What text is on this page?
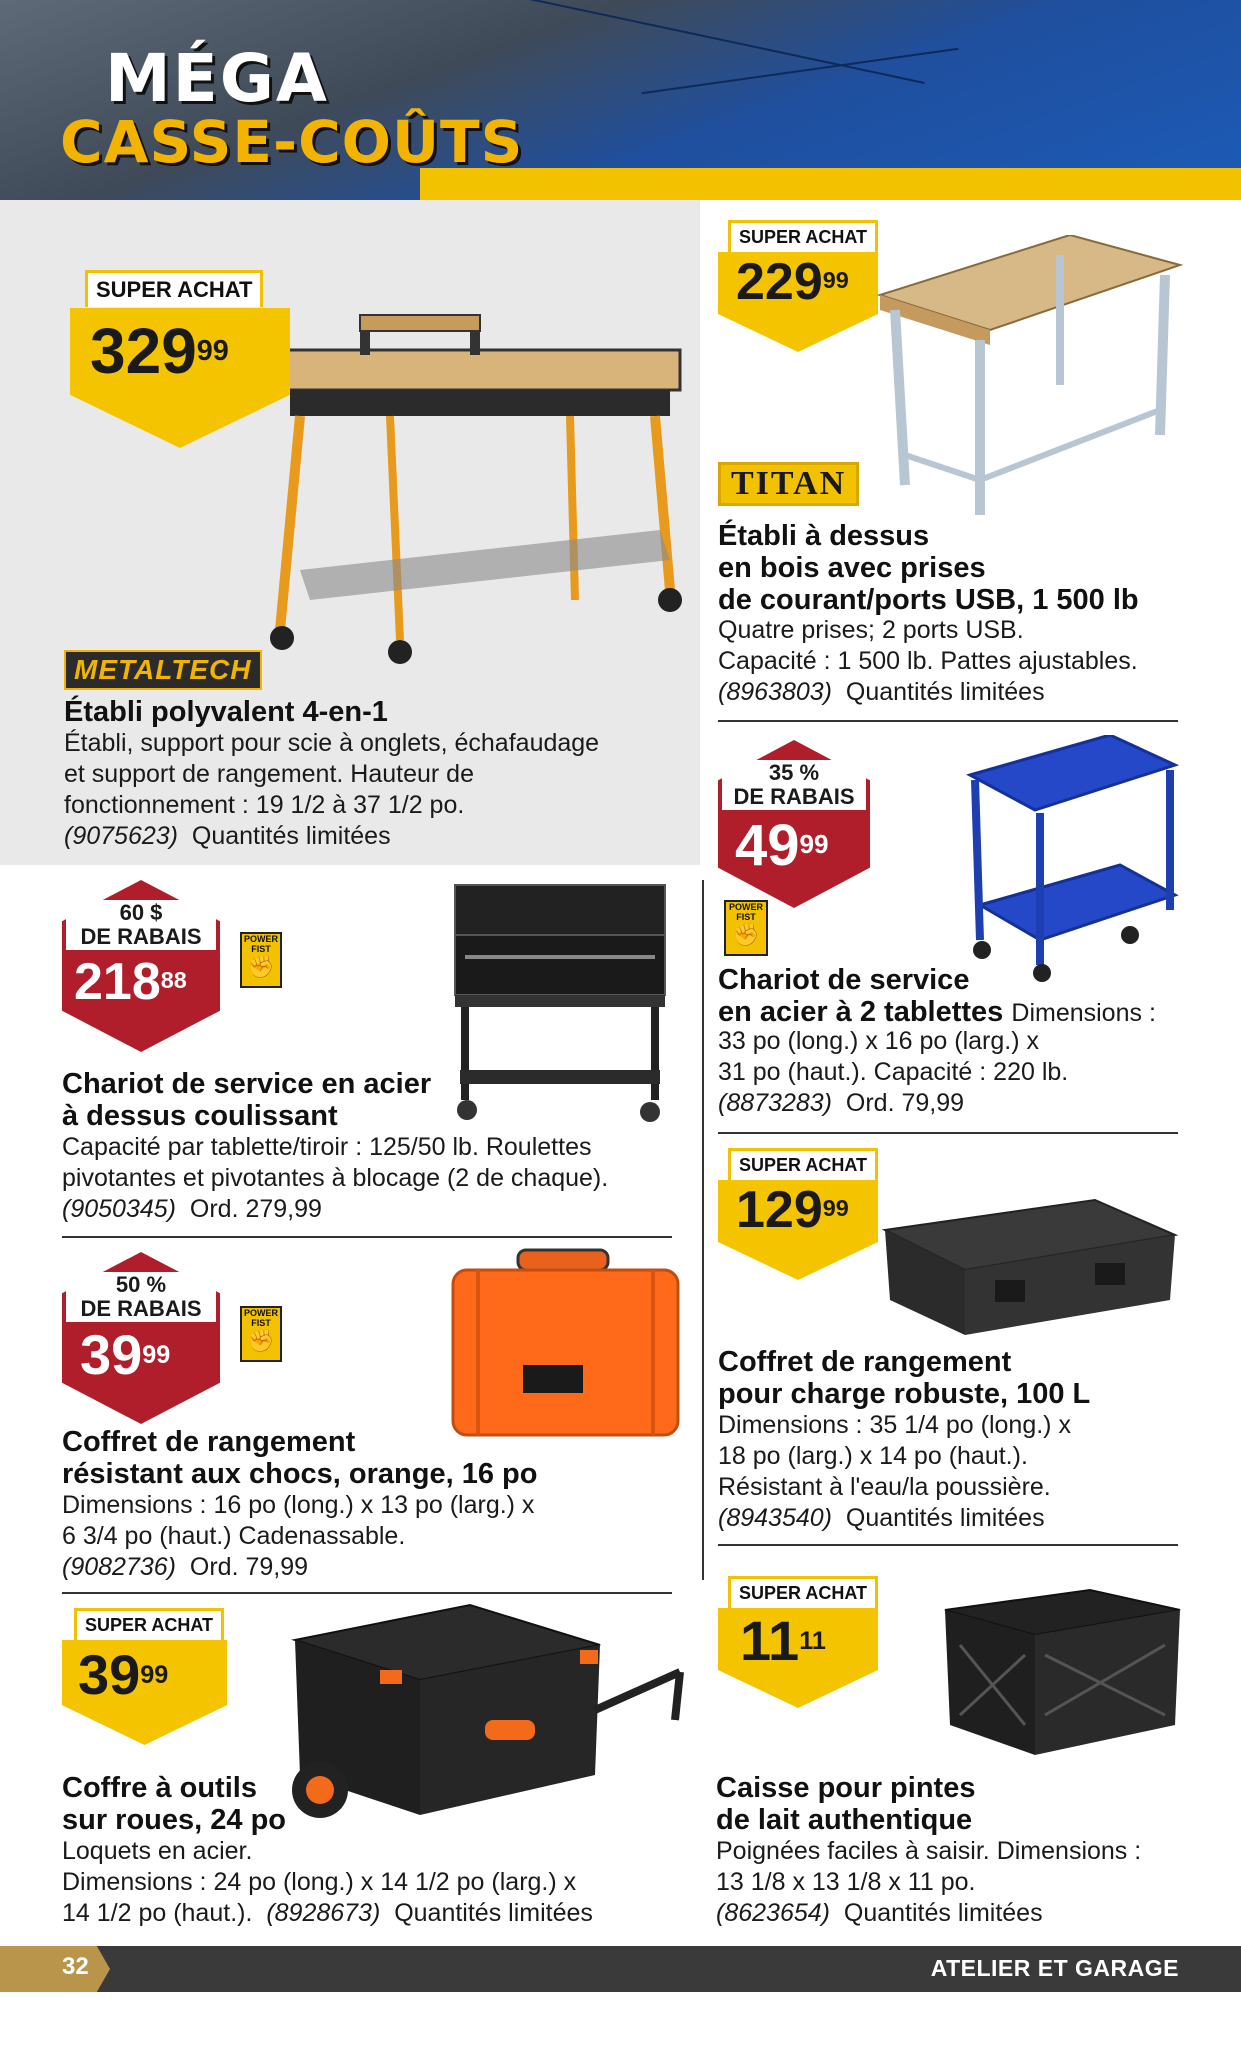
MÉGA
CASSE-COÛTS
SUPER ACHAT
$329^{99}$
METALTECH
Établi polyvalent 4-en-1
Établi, support pour scie à onglets, échafaudage
et support de rangement. Hauteur de
fonctionnement : 19 1/2 à 37 1/2 po.
(9075623) Quantités limitées
SUPER ACHAT
$229^{99}$
TITAN
Établi à dessus
en bois avec prises
de courant/ports USB, 1 500 lb
Quatre prises; 2 ports USB.
Capacité : 1 500 lb. Pattes ajustables.
(8963803) Quantités limitées
35 %
DE RABAIS
$49^{99}$
POWER
FIST
✊
Chariot de service
en acier à 2 tablettes Dimensions :
33 po (long.) x 16 po (larg.) x
31 po (haut.). Capacité : 220 lb.
(8873283) Ord. 79,99
60 $
DE RABAIS
$218^{88}$
POWER
FIST
✊
Chariot de service en acier
à dessus coulissant
Capacité par tablette/tiroir : 125/50 lb. Roulettes
pivotantes et pivotantes à blocage (2 de chaque).
(9050345) Ord. 279,99
SUPER ACHAT
$129^{99}$
Coffret de rangement
pour charge robuste, 100 L
Dimensions : 35 1/4 po (long.) x
18 po (larg.) x 14 po (haut.).
Résistant à l'eau/la poussière.
(8943540) Quantités limitées
50 %
DE RABAIS
$39^{99}$
POWER
FIST
✊
Coffret de rangement
résistant aux chocs, orange, 16 po
Dimensions : 16 po (long.) x 13 po (larg.) x
6 3/4 po (haut.) Cadenassable.
(9082736) Ord. 79,99
SUPER ACHAT
$11^{11}$
Caisse pour pintes
de lait authentique
Poignées faciles à saisir. Dimensions :
13 1/8 x 13 1/8 x 11 po.
(8623654) Quantités limitées
SUPER ACHAT
$39^{99}$
Coffre à outils
sur roues, 24 po
Loquets en acier.
Dimensions : 24 po (long.) x 14 1/2 po (larg.) x
14 1/2 po (haut.). (8928673) Quantités limitées
32	ATELIER ET GARAGE
